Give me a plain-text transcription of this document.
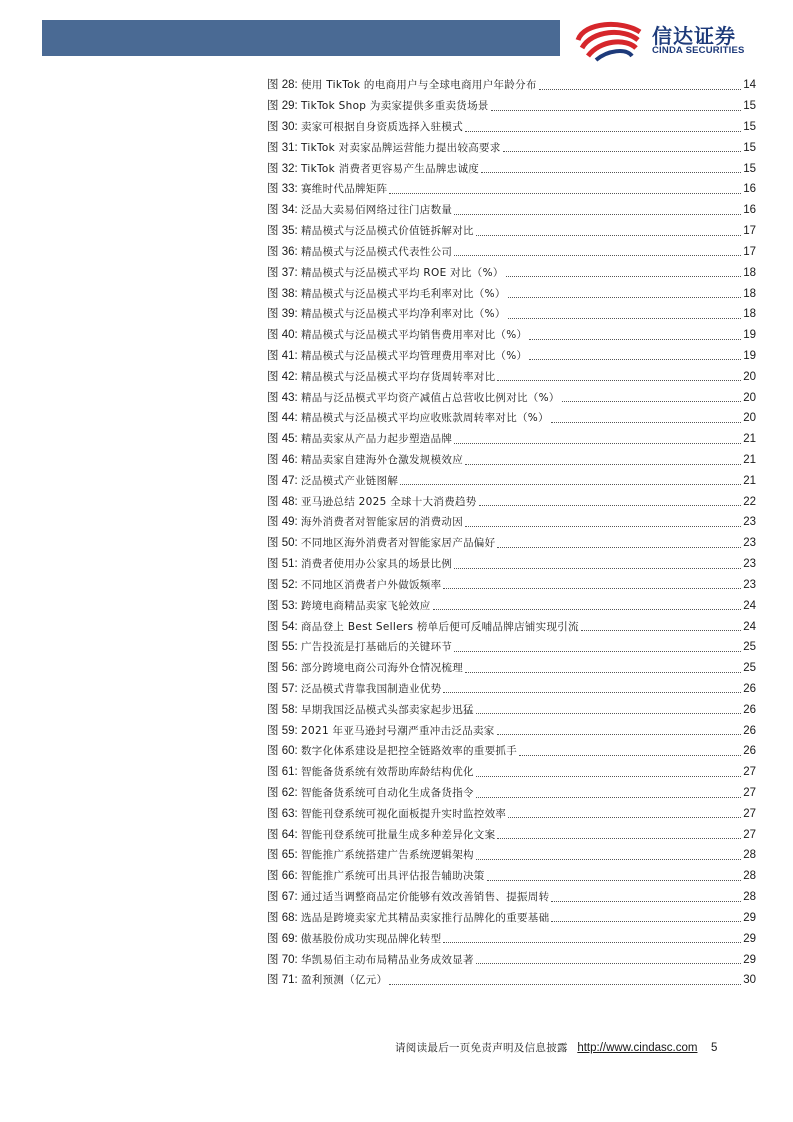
信达证券
CINDA SECURITIES
图 28: 使用 TikTok 的电商用户与全球电商用户年龄分布	14
图 29: TikTok Shop 为卖家提供多重卖货场景	15
图 30: 卖家可根据自身资质选择入驻模式	15
图 31: TikTok 对卖家品牌运营能力提出较高要求	15
图 32: TikTok 消费者更容易产生品牌忠诚度	15
图 33: 赛维时代品牌矩阵	16
图 34: 泛品大卖易佰网络过往门店数量	16
图 35: 精品模式与泛品模式价值链拆解对比	17
图 36: 精品模式与泛品模式代表性公司	17
图 37: 精品模式与泛品模式平均 ROE 对比（%）	18
图 38: 精品模式与泛品模式平均毛利率对比（%）	18
图 39: 精品模式与泛品模式平均净利率对比（%）	18
图 40: 精品模式与泛品模式平均销售费用率对比（%）	19
图 41: 精品模式与泛品模式平均管理费用率对比（%）	19
图 42: 精品模式与泛品模式平均存货周转率对比	20
图 43: 精品与泛品模式平均资产减值占总营收比例对比（%）	20
图 44: 精品模式与泛品模式平均应收账款周转率对比（%）	20
图 45: 精品卖家从产品力起步塑造品牌	21
图 46: 精品卖家自建海外仓激发规模效应	21
图 47: 泛品模式产业链图解	21
图 48: 亚马逊总结 2025 全球十大消费趋势	22
图 49: 海外消费者对智能家居的消费动因	23
图 50: 不同地区海外消费者对智能家居产品偏好	23
图 51: 消费者使用办公家具的场景比例	23
图 52: 不同地区消费者户外做饭频率	23
图 53: 跨境电商精品卖家飞轮效应	24
图 54: 商品登上 Best Sellers 榜单后便可反哺品牌店铺实现引流	24
图 55: 广告投流是打基础后的关键环节	25
图 56: 部分跨境电商公司海外仓情况梳理	25
图 57: 泛品模式背靠我国制造业优势	26
图 58: 早期我国泛品模式头部卖家起步迅猛	26
图 59: 2021 年亚马逊封号潮严重冲击泛品卖家	26
图 60: 数字化体系建设是把控全链路效率的重要抓手	26
图 61: 智能备货系统有效帮助库龄结构优化	27
图 62: 智能备货系统可自动化生成备货指令	27
图 63: 智能刊登系统可视化面板提升实时监控效率	27
图 64: 智能刊登系统可批量生成多种差异化文案	27
图 65: 智能推广系统搭建广告系统逻辑架构	28
图 66: 智能推广系统可出具评估报告辅助决策	28
图 67: 通过适当调整商品定价能够有效改善销售、提振周转	28
图 68: 选品是跨境卖家尤其精品卖家推行品牌化的重要基础	29
图 69: 傲基股份成功实现品牌化转型	29
图 70: 华凯易佰主动布局精品业务成效显著	29
图 71: 盈利预测（亿元）	30
请阅读最后一页免责声明及信息披露 http://www.cindasc.com 5
